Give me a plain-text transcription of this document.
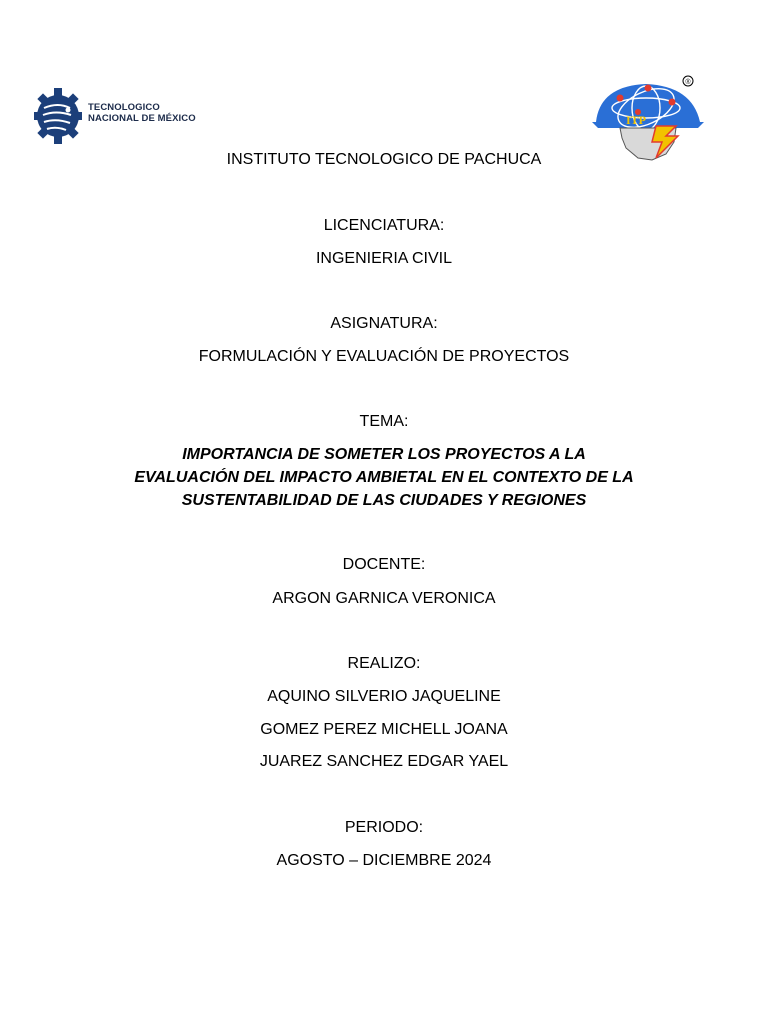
TECNOLOGICO
NACIONAL DE MÉXICO
®
ITP
INSTITUTO TECNOLOGICO DE PACHUCA
LICENCIATURA:
INGENIERIA CIVIL
ASIGNATURA:
FORMULACIÓN Y EVALUACIÓN DE PROYECTOS
TEMA:
IMPORTANCIA DE SOMETER LOS PROYECTOS A LA
EVALUACIÓN DEL IMPACTO AMBIETAL EN EL CONTEXTO DE LA
SUSTENTABILIDAD DE LAS CIUDADES Y REGIONES
DOCENTE:
ARGON GARNICA VERONICA
REALIZO:
AQUINO SILVERIO JAQUELINE
GOMEZ PEREZ MICHELL JOANA
JUAREZ SANCHEZ EDGAR YAEL
PERIODO:
AGOSTO – DICIEMBRE 2024
